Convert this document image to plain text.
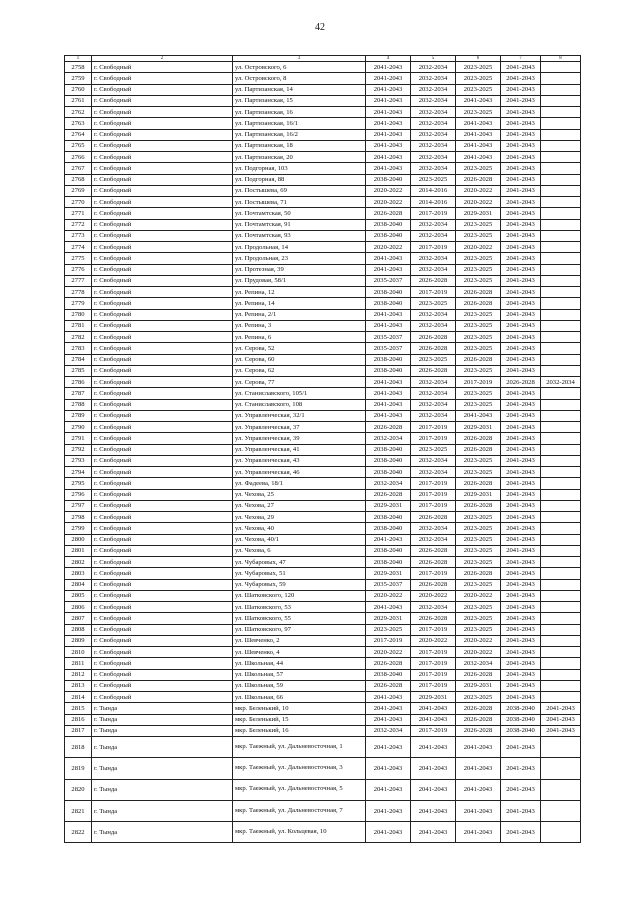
42
1	2	3	4	5	6	7	8
2758	г. Свободный	ул. Островского, 6	2041-2043	2032-2034	2023-2025	2041-2043	
2759	г. Свободный	ул. Островского, 8	2041-2043	2032-2034	2023-2025	2041-2043	
2760	г. Свободный	ул. Партизанская, 14	2041-2043	2032-2034	2023-2025	2041-2043	
2761	г. Свободный	ул. Партизанская, 15	2041-2043	2032-2034	2041-2043	2041-2043	
2762	г. Свободный	ул. Партизанская, 16	2041-2043	2032-2034	2023-2025	2041-2043	
2763	г. Свободный	ул. Партизанская, 16/1	2041-2043	2032-2034	2041-2043	2041-2043	
2764	г. Свободный	ул. Партизанская, 16/2	2041-2043	2032-2034	2041-2043	2041-2043	
2765	г. Свободный	ул. Партизанская, 18	2041-2043	2032-2034	2041-2043	2041-2043	
2766	г. Свободный	ул. Партизанская, 20	2041-2043	2032-2034	2041-2043	2041-2043	
2767	г. Свободный	ул. Подгорная, 103	2041-2043	2032-2034	2023-2025	2041-2043	
2768	г. Свободный	ул. Подгорная, 88	2038-2040	2023-2025	2026-2028	2041-2043	
2769	г. Свободный	ул. Постышева, 69	2020-2022	2014-2016	2020-2022	2041-2043	
2770	г. Свободный	ул. Постышева, 71	2020-2022	2014-2016	2020-2022	2041-2043	
2771	г. Свободный	ул. Почтамтская, 50	2026-2028	2017-2019	2029-2031	2041-2043	
2772	г. Свободный	ул. Почтамтская, 91	2038-2040	2032-2034	2023-2025	2041-2043	
2773	г. Свободный	ул. Почтамтская, 93	2038-2040	2032-2034	2023-2025	2041-2043	
2774	г. Свободный	ул. Продольная, 14	2020-2022	2017-2019	2020-2022	2041-2043	
2775	г. Свободный	ул. Продольная, 23	2041-2043	2032-2034	2023-2025	2041-2043	
2776	г. Свободный	ул. Протезная, 39	2041-2043	2032-2034	2023-2025	2041-2043	
2777	г. Свободный	ул. Прудовая, 58/1	2035-2037	2026-2028	2023-2025	2041-2043	
2778	г. Свободный	ул. Репина, 12	2038-2040	2017-2019	2026-2028	2041-2043	
2779	г. Свободный	ул. Репина, 14	2038-2040	2023-2025	2026-2028	2041-2043	
2780	г. Свободный	ул. Репина, 2/1	2041-2043	2032-2034	2023-2025	2041-2043	
2781	г. Свободный	ул. Репина, 3	2041-2043	2032-2034	2023-2025	2041-2043	
2782	г. Свободный	ул. Репина, 6	2035-2037	2026-2028	2023-2025	2041-2043	
2783	г. Свободный	ул. Серова, 52	2035-2037	2026-2028	2023-2025	2041-2043	
2784	г. Свободный	ул. Серова, 60	2038-2040	2023-2025	2026-2028	2041-2043	
2785	г. Свободный	ул. Серова, 62	2038-2040	2026-2028	2023-2025	2041-2043	
2786	г. Свободный	ул. Серова, 77	2041-2043	2032-2034	2017-2019	2026-2028	2032-2034
2787	г. Свободный	ул. Станиславского, 105/1	2041-2043	2032-2034	2023-2025	2041-2043	
2788	г. Свободный	ул. Станиславского, 108	2041-2043	2032-2034	2023-2025	2041-2043	
2789	г. Свободный	ул. Управленческая, 32/1	2041-2043	2032-2034	2041-2043	2041-2043	
2790	г. Свободный	ул. Управленческая, 37	2026-2028	2017-2019	2029-2031	2041-2043	
2791	г. Свободный	ул. Управленческая, 39	2032-2034	2017-2019	2026-2028	2041-2043	
2792	г. Свободный	ул. Управленческая, 41	2038-2040	2023-2025	2026-2028	2041-2043	
2793	г. Свободный	ул. Управленческая, 43	2038-2040	2032-2034	2023-2025	2041-2043	
2794	г. Свободный	ул. Управленческая, 46	2038-2040	2032-2034	2023-2025	2041-2043	
2795	г. Свободный	ул. Фадеева, 18/1	2032-2034	2017-2019	2026-2028	2041-2043	
2796	г. Свободный	ул. Чехова, 25	2026-2028	2017-2019	2029-2031	2041-2043	
2797	г. Свободный	ул. Чехова, 27	2029-2031	2017-2019	2026-2028	2041-2043	
2798	г. Свободный	ул. Чехова, 29	2038-2040	2026-2028	2023-2025	2041-2043	
2799	г. Свободный	ул. Чехова, 40	2038-2040	2032-2034	2023-2025	2041-2043	
2800	г. Свободный	ул. Чехова, 40/1	2041-2043	2032-2034	2023-2025	2041-2043	
2801	г. Свободный	ул. Чехова, 6	2038-2040	2026-2028	2023-2025	2041-2043	
2802	г. Свободный	ул. Чубаровых, 47	2038-2040	2026-2028	2023-2025	2041-2043	
2803	г. Свободный	ул. Чубаровых, 51	2029-2031	2017-2019	2026-2028	2041-2043	
2804	г. Свободный	ул. Чубаровых, 59	2035-2037	2026-2028	2023-2025	2041-2043	
2805	г. Свободный	ул. Шатковского, 120	2020-2022	2020-2022	2020-2022	2041-2043	
2806	г. Свободный	ул. Шатковского, 53	2041-2043	2032-2034	2023-2025	2041-2043	
2807	г. Свободный	ул. Шатковского, 55	2029-2031	2026-2028	2023-2025	2041-2043	
2808	г. Свободный	ул. Шатковского, 97	2023-2025	2017-2019	2023-2025	2041-2043	
2809	г. Свободный	ул. Шевченко, 2	2017-2019	2020-2022	2020-2022	2041-2043	
2810	г. Свободный	ул. Шевченко, 4	2020-2022	2017-2019	2020-2022	2041-2043	
2811	г. Свободный	ул. Школьная, 44	2026-2028	2017-2019	2032-2034	2041-2043	
2812	г. Свободный	ул. Школьная, 57	2038-2040	2017-2019	2026-2028	2041-2043	
2813	г. Свободный	ул. Школьная, 59	2026-2028	2017-2019	2029-2031	2041-2043	
2814	г. Свободный	ул. Школьная, 66	2041-2043	2029-2031	2023-2025	2041-2043	
2815	г. Тында	мкр. Беленький, 10	2041-2043	2041-2043	2026-2028	2038-2040	2041-2043
2816	г. Тында	мкр. Беленький, 15	2041-2043	2041-2043	2026-2028	2038-2040	2041-2043
2817	г. Тында	мкр. Беленький, 16	2032-2034	2017-2019	2026-2028	2038-2040	2041-2043
2818	г. Тында	мкр. Таежный, ул. Дальневосточная, 1	2041-2043	2041-2043	2041-2043	2041-2043	
2819	г. Тында	мкр. Таежный, ул. Дальневосточная, 3	2041-2043	2041-2043	2041-2043	2041-2043	
2820	г. Тында	мкр. Таежный, ул. Дальневосточная, 5	2041-2043	2041-2043	2041-2043	2041-2043	
2821	г. Тында	мкр. Таежный, ул. Дальневосточная, 7	2041-2043	2041-2043	2041-2043	2041-2043	
2822	г. Тында	мкр. Таежный, ул. Кольцевая, 10	2041-2043	2041-2043	2041-2043	2041-2043	
